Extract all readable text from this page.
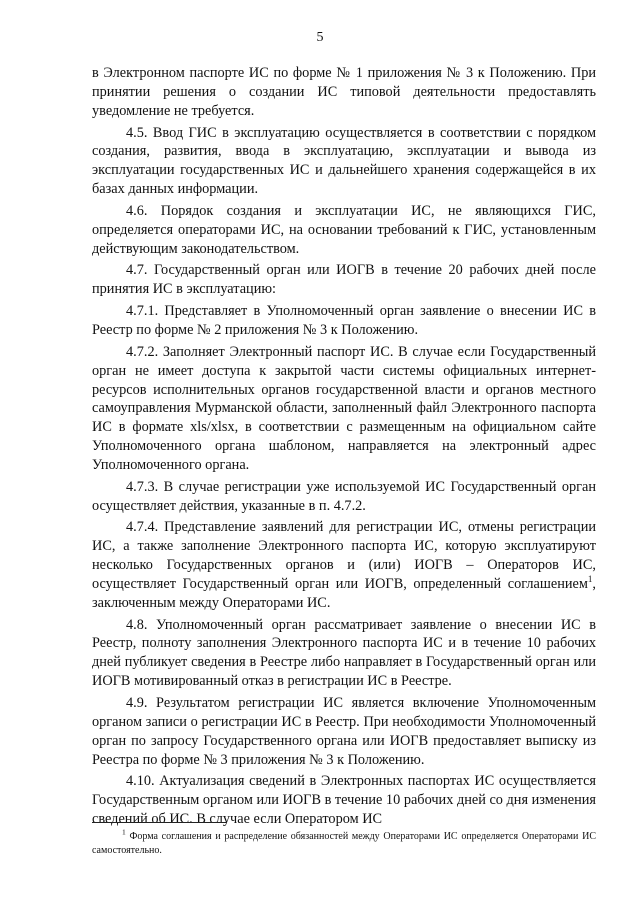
5

в Электронном паспорте ИС по форме № 1 приложения № 3 к Положению. При принятии решения о создании ИС типовой деятельности предоставлять уведомление не требуется.

4.5. Ввод ГИС в эксплуатацию осуществляется в соответствии с порядком создания, развития, ввода в эксплуатацию, эксплуатации и вывода из эксплуатации государственных ИС и дальнейшего хранения содержащейся в их базах данных информации.

4.6. Порядок создания и эксплуатации ИС, не являющихся ГИС, определяется операторами ИС, на основании требований к ГИС, установленным действующим законодательством.

4.7. Государственный орган или ИОГВ в течение 20 рабочих дней после принятия ИС в эксплуатацию:

4.7.1. Представляет в Уполномоченный орган заявление о внесении ИС в Реестр по форме № 2 приложения № 3 к Положению.

4.7.2. Заполняет Электронный паспорт ИС. В случае если Государственный орган не имеет доступа к закрытой части системы официальных интернет-ресурсов исполнительных органов государственной власти и органов местного самоуправления Мурманской области, заполненный файл Электронного паспорта ИС в формате xls/xlsx, в соответствии с размещенным на официальном сайте Уполномоченного органа шаблоном, направляется на электронный адрес Уполномоченного органа.

4.7.3. В случае регистрации уже используемой ИС Государственный орган осуществляет действия, указанные в п. 4.7.2.

4.7.4. Представление заявлений для регистрации ИС, отмены регистрации ИС, а также заполнение Электронного паспорта ИС, которую эксплуатируют несколько Государственных органов и (или) ИОГВ – Операторов ИС, осуществляет Государственный орган или ИОГВ, определенный соглашением$^1$, заключенным между Операторами ИС.

4.8. Уполномоченный орган рассматривает заявление о внесении ИС в Реестр, полноту заполнения Электронного паспорта ИС и в течение 10 рабочих дней публикует сведения в Реестре либо направляет в Государственный орган или ИОГВ мотивированный отказ в регистрации ИС в Реестре.

4.9. Результатом регистрации ИС является включение Уполномоченным органом записи о регистрации ИС в Реестр. При необходимости Уполномоченный орган по запросу Государственного органа или ИОГВ предоставляет выписку из Реестра по форме № 3 приложения № 3 к Положению.

4.10. Актуализация сведений в Электронных паспортах ИС осуществляется Государственным органом или ИОГВ в течение 10 рабочих дней со дня изменения сведений об ИС. В случае если Оператором ИС

$^1$ Форма соглашения и распределение обязанностей между Операторами ИС определяется Операторами ИС самостоятельно.
